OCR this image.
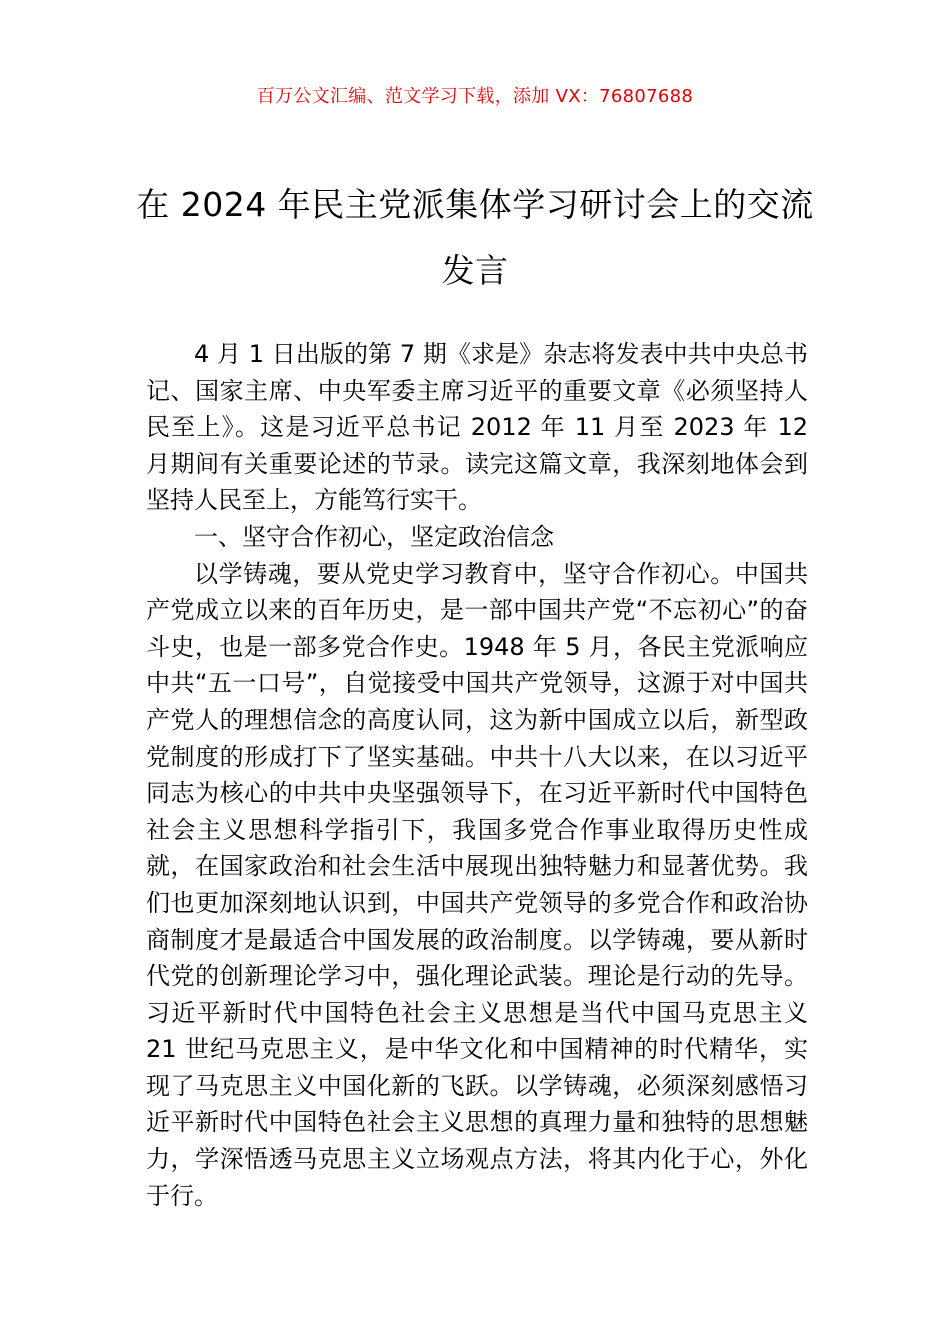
百万公文汇编、范文学习下载，添加 VX：76807688
在 2024 年民主党派集体学习研讨会上的交流发言

4 月 1 日出版的第 7 期《求是》杂志将发表中共中央总书记、国家主席、中央军委主席习近平的重要文章《必须坚持人民至上》。这是习近平总书记 2012 年 11 月至 2023 年 12 月期间有关重要论述的节录。读完这篇文章，我深刻地体会到坚持人民至上，方能笃行实干。

一、坚守合作初心，坚定政治信念

以学铸魂，要从党史学习教育中，坚守合作初心。中国共产党成立以来的百年历史，是一部中国共产党“不忘初心”的奋斗史，也是一部多党合作史。1948 年 5 月，各民主党派响应中共“五一口号”，自觉接受中国共产党领导，这源于对中国共产党人的理想信念的高度认同，这为新中国成立以后，新型政党制度的形成打下了坚实基础。中共十八大以来，在以习近平同志为核心的中共中央坚强领导下，在习近平新时代中国特色社会主义思想科学指引下，我国多党合作事业取得历史性成就，在国家政治和社会生活中展现出独特魅力和显著优势。我们也更加深刻地认识到，中国共产党领导的多党合作和政治协商制度才是最适合中国发展的政治制度。以学铸魂，要从新时代党的创新理论学习中，强化理论武装。理论是行动的先导。习近平新时代中国特色社会主义思想是当代中国马克思主义 21 世纪马克思主义，是中华文化和中国精神的时代精华，实现了马克思主义中国化新的飞跃。以学铸魂，必须深刻感悟习近平新时代中国特色社会主义思想的真理力量和独特的思想魅力，学深悟透马克思主义立场观点方法，将其内化于心，外化于行。
